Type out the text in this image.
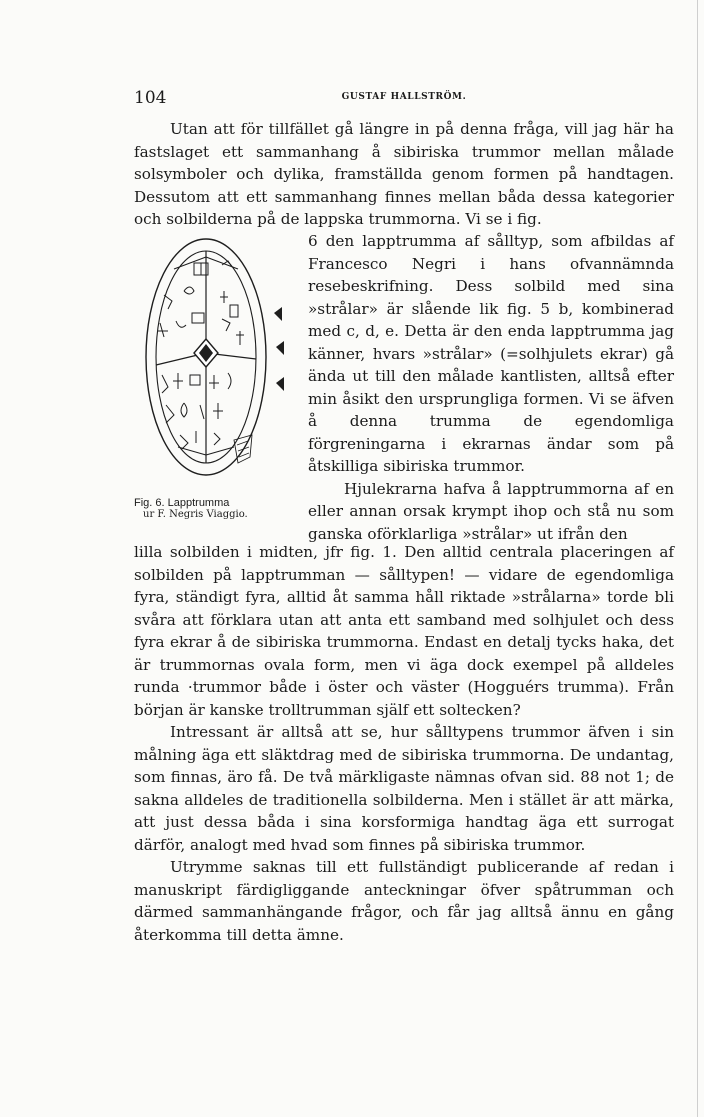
104	GUSTAF HALLSTRÖM.

Utan att för tillfället gå längre in på denna fråga, vill jag här ha fastslaget ett sammanhang å sibiriska trummor mellan målade solsymboler och dylika, framställda genom formen på handtagen. Dessutom att ett sammanhang finnes mellan båda dessa kategorier och solbilderna på de lappska trummorna. Vi se i fig.

Fig. 6. Lapptrumma
ur F. Negris Viaggio.

6 den lapptrumma af sålltyp, som afbildas af Francesco Negri i hans ofvannämnda resebeskrifning. Dess solbild med sina »strålar» är slående lik fig. 5 b, kombinerad med c, d, e. Detta är den enda lapptrumma jag känner, hvars »strålar» (=solhjulets ekrar) gå ända ut till den målade kantlisten, alltså efter min åsikt den ursprungliga formen. Vi se äfven å denna trumma de egendomliga förgreningarna i ekrarnas ändar som på åtskilliga sibiriska trummor.

Hjulekrarna hafva å lapptrummorna af en eller annan orsak krympt ihop och stå nu som ganska oförklarliga »strålar» ut ifrån den

lilla solbilden i midten, jfr fig. 1. Den alltid centrala placeringen af solbilden på lapptrumman — sålltypen! — vidare de egendomliga fyra, ständigt fyra, alltid åt samma håll riktade »strålarna» torde bli svåra att förklara utan att anta ett samband med solhjulet och dess fyra ekrar å de sibiriska trummorna. Endast en detalj tycks haka, det är trummornas ovala form, men vi äga dock exempel på alldeles runda ·trummor både i öster och väster (Hogguérs trumma). Från början är kanske trolltrumman själf ett soltecken?

Intressant är alltså att se, hur sålltypens trummor äfven i sin målning äga ett släktdrag med de sibiriska trummorna. De undantag, som finnas, äro få. De två märkligaste nämnas ofvan sid. 88 not 1; de sakna alldeles de traditionella solbilderna. Men i stället är att märka, att just dessa båda i sina korsformiga handtag äga ett surrogat därför, analogt med hvad som finnes på sibiriska trummor.

Utrymme saknas till ett fullständigt publicerande af redan i manuskript färdigliggande anteckningar öfver spåtrumman och därmed sammanhängande frågor, och får jag alltså ännu en gång återkomma till detta ämne.
